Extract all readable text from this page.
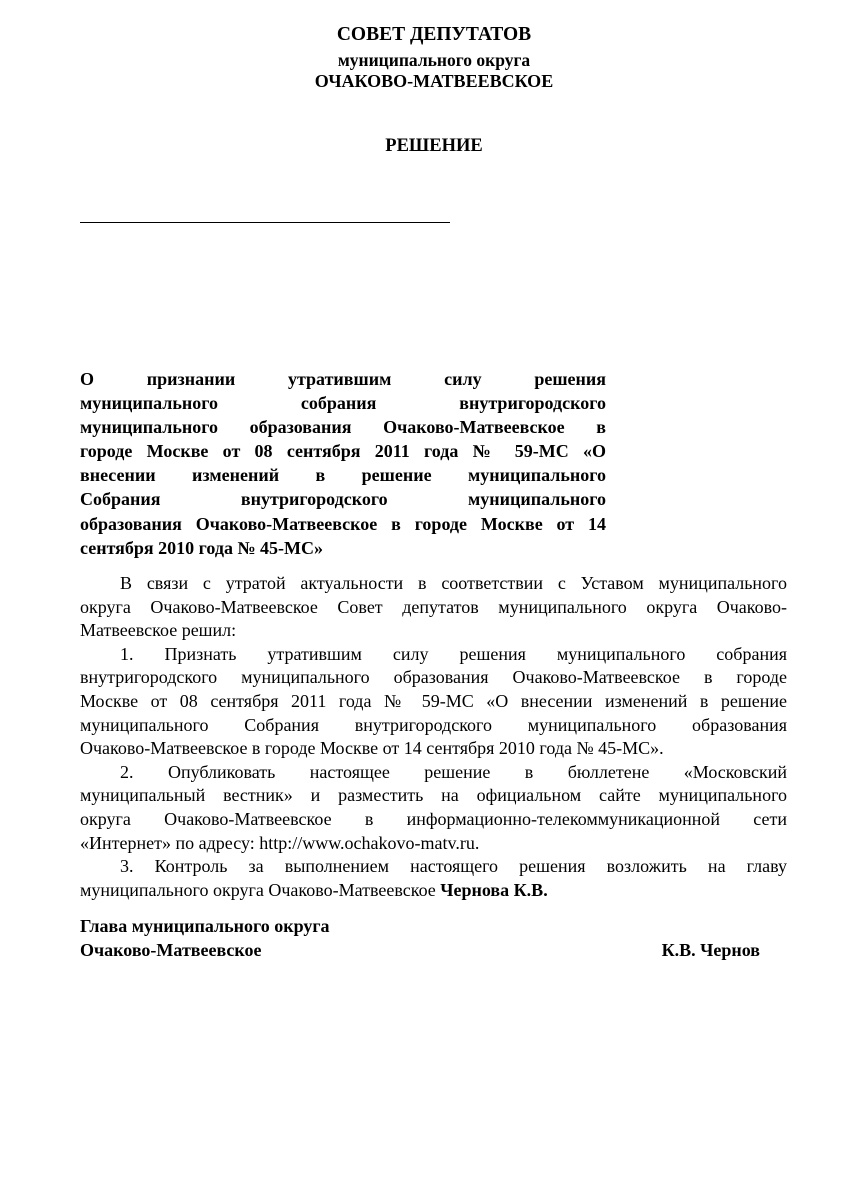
СОВЕТ ДЕПУТАТОВ
муниципального округа
ОЧАКОВО-МАТВЕЕВСКОЕ
РЕШЕНИЕ
О признании утратившим силу решения
муниципального собрания внутригородского
муниципального образования Очаково-Матвеевское в
городе Москве от 08 сентября 2011 года № 59-МС «О
внесении изменений в решение муниципального
Собрания внутригородского муниципального
образования Очаково-Матвеевское в городе Москве от 14
сентября 2010 года № 45-МС»
В связи с утратой актуальности в соответствии с Уставом муниципального
округа Очаково-Матвеевское Совет депутатов муниципального округа Очаково-
Матвеевское решил:
1. Признать утратившим силу решения муниципального собрания
внутригородского муниципального образования Очаково-Матвеевское в городе
Москве от 08 сентября 2011 года № 59-МС «О внесении изменений в решение
муниципального Собрания внутригородского муниципального образования
Очаково-Матвеевское в городе Москве от 14 сентября 2010 года № 45-МС».
2. Опубликовать настоящее решение в бюллетене «Московский
муниципальный вестник» и разместить на официальном сайте муниципального
округа Очаково-Матвеевское в информационно-телекоммуникационной сети
«Интернет» по адресу: http://www.ochakovo-matv.ru.
3. Контроль за выполнением настоящего решения возложить на главу
муниципального округа Очаково-Матвеевское Чернова К.В.
Глава муниципального округа
Очаково-Матвеевское	К.В. Чернов
